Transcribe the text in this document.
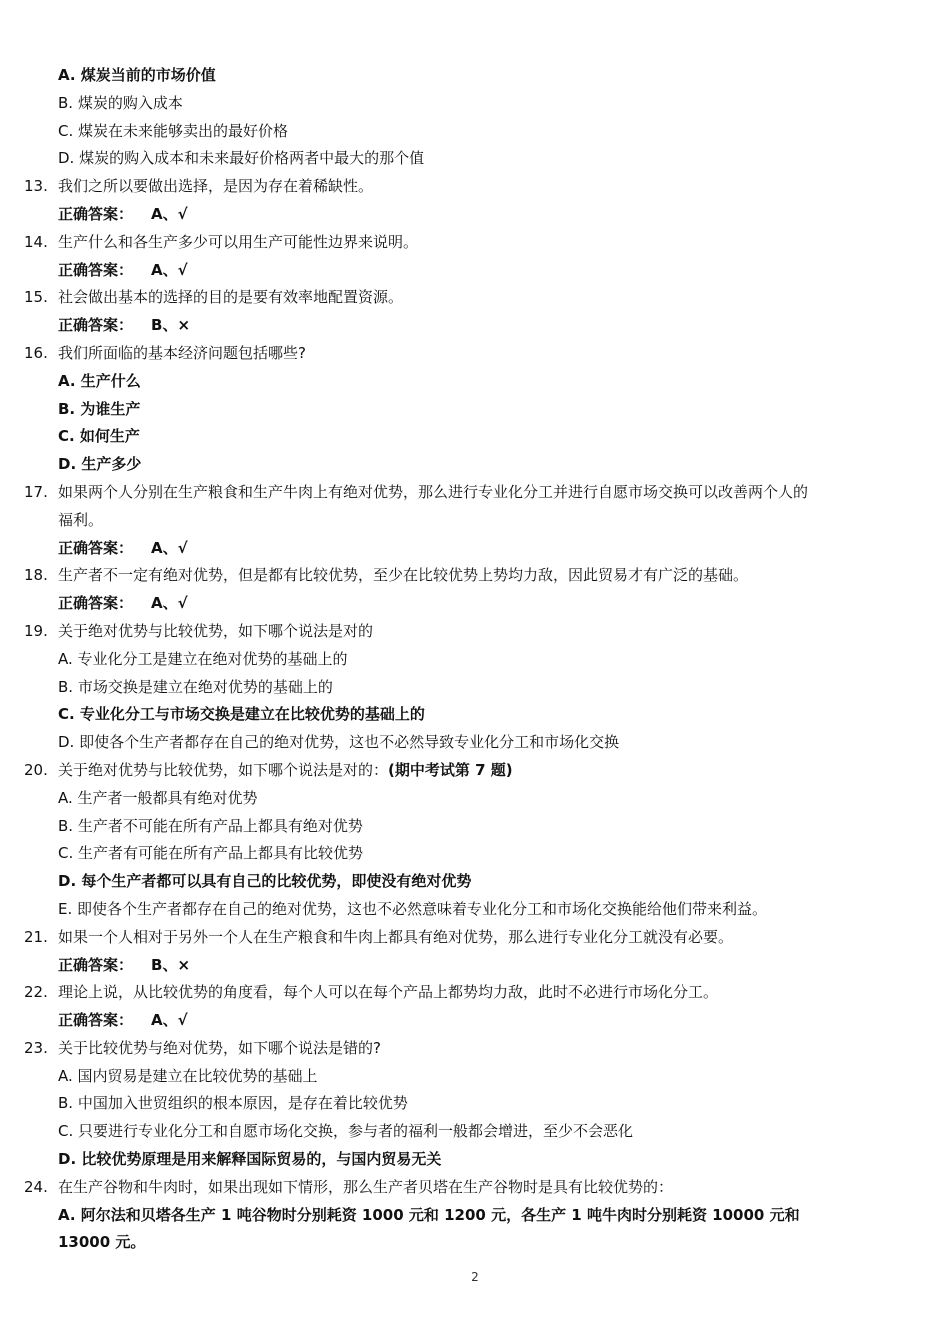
A. 煤炭当前的市场价值
B. 煤炭的购入成本
C. 煤炭在未来能够卖出的最好价格
D. 煤炭的购入成本和未来最好价格两者中最大的那个值
13. 我们之所以要做出选择，是因为存在着稀缺性。
正确答案： A、√
14. 生产什么和各生产多少可以用生产可能性边界来说明。
正确答案： A、√
15. 社会做出基本的选择的目的是要有效率地配置资源。
正确答案： B、×
16. 我们所面临的基本经济问题包括哪些?
A. 生产什么
B. 为谁生产
C. 如何生产
D. 生产多少
17. 如果两个人分别在生产粮食和生产牛肉上有绝对优势，那么进行专业化分工并进行自愿市场交换可以改善两个人的
福利。
正确答案： A、√
18. 生产者不一定有绝对优势，但是都有比较优势，至少在比较优势上势均力敌，因此贸易才有广泛的基础。
正确答案： A、√
19. 关于绝对优势与比较优势，如下哪个说法是对的
A. 专业化分工是建立在绝对优势的基础上的
B. 市场交换是建立在绝对优势的基础上的
C. 专业化分工与市场交换是建立在比较优势的基础上的
D. 即使各个生产者都存在自己的绝对优势，这也不必然导致专业化分工和市场化交换
20. 关于绝对优势与比较优势，如下哪个说法是对的：(期中考试第 7 题)
A. 生产者一般都具有绝对优势
B. 生产者不可能在所有产品上都具有绝对优势
C. 生产者有可能在所有产品上都具有比较优势
D. 每个生产者都可以具有自己的比较优势，即使没有绝对优势
E. 即使各个生产者都存在自己的绝对优势，这也不必然意味着专业化分工和市场化交换能给他们带来利益。
21. 如果一个人相对于另外一个人在生产粮食和牛肉上都具有绝对优势，那么进行专业化分工就没有必要。
正确答案： B、×
22. 理论上说，从比较优势的角度看，每个人可以在每个产品上都势均力敌，此时不必进行市场化分工。
正确答案： A、√
23. 关于比较优势与绝对优势，如下哪个说法是错的?
A. 国内贸易是建立在比较优势的基础上
B. 中国加入世贸组织的根本原因，是存在着比较优势
C. 只要进行专业化分工和自愿市场化交换，参与者的福利一般都会增进，至少不会恶化
D. 比较优势原理是用来解释国际贸易的，与国内贸易无关
24. 在生产谷物和牛肉时，如果出现如下情形，那么生产者贝塔在生产谷物时是具有比较优势的：
A. 阿尔法和贝塔各生产 1 吨谷物时分别耗资 1000 元和 1200 元，各生产 1 吨牛肉时分别耗资 10000 元和
13000 元。
2
